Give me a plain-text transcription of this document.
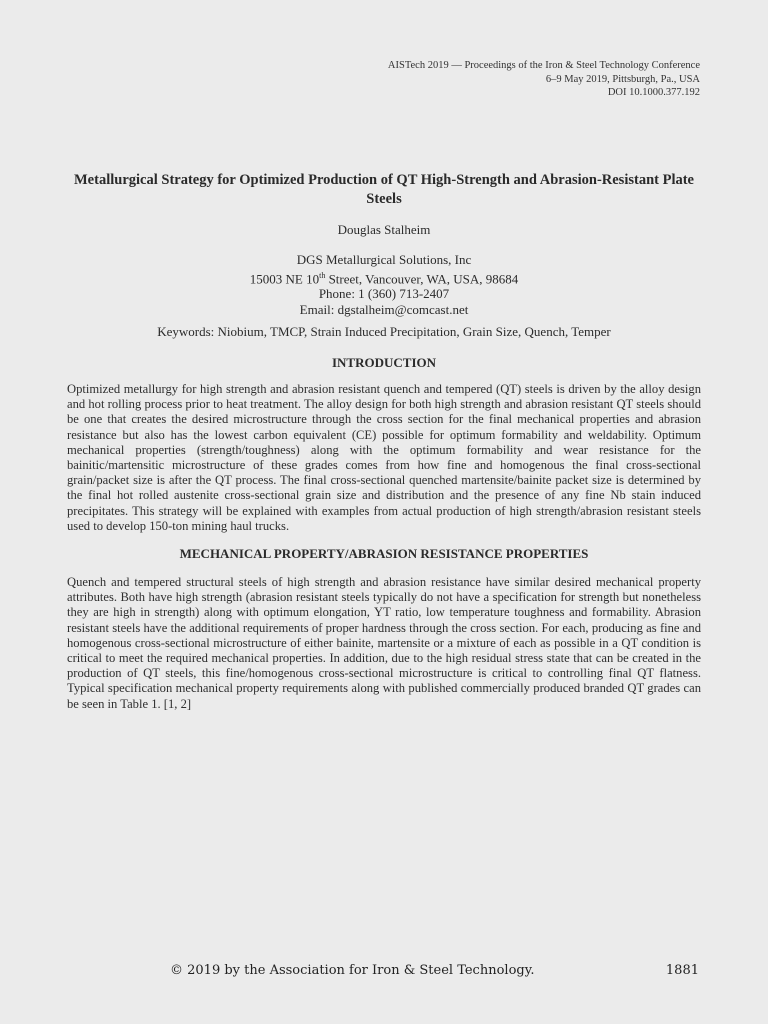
AISTech 2019 — Proceedings of the Iron & Steel Technology Conference
6–9 May 2019, Pittsburgh, Pa., USA
DOI 10.1000.377.192
Metallurgical Strategy for Optimized Production of QT High-Strength and Abrasion-Resistant Plate Steels
Douglas Stalheim
DGS Metallurgical Solutions, Inc
15003 NE 10th Street, Vancouver, WA, USA, 98684
Phone: 1 (360) 713-2407
Email: dgstalheim@comcast.net
Keywords: Niobium, TMCP, Strain Induced Precipitation, Grain Size, Quench, Temper
INTRODUCTION
Optimized metallurgy for high strength and abrasion resistant quench and tempered (QT) steels is driven by the alloy design and hot rolling process prior to heat treatment. The alloy design for both high strength and abrasion resistant QT steels should be one that creates the desired microstructure through the cross section for the final mechanical properties and abrasion resistance but also has the lowest carbon equivalent (CE) possible for optimum formability and weldability. Optimum mechanical properties (strength/toughness) along with the optimum formability and wear resistance for the bainitic/martensitic microstructure of these grades comes from how fine and homogenous the final cross-sectional grain/packet size is after the QT process. The final cross-sectional quenched martensite/bainite packet size is determined by the final hot rolled austenite cross-sectional grain size and distribution and the presence of any fine Nb stain induced precipitates. This strategy will be explained with examples from actual production of high strength/abrasion resistant steels used to develop 150-ton mining haul trucks.
MECHANICAL PROPERTY/ABRASION RESISTANCE PROPERTIES
Quench and tempered structural steels of high strength and abrasion resistance have similar desired mechanical property attributes. Both have high strength (abrasion resistant steels typically do not have a specification for strength but nonetheless they are high in strength) along with optimum elongation, YT ratio, low temperature toughness and formability. Abrasion resistant steels have the additional requirements of proper hardness through the cross section. For each, producing as fine and homogenous cross-sectional microstructure of either bainite, martensite or a mixture of each as possible in a QT condition is critical to meet the required mechanical properties. In addition, due to the high residual stress state that can be created in the production of QT steels, this fine/homogenous cross-sectional microstructure is critical to controlling final QT flatness. Typical specification mechanical property requirements along with published commercially produced branded QT grades can be seen in Table 1. [1, 2]
© 2019 by the Association for Iron & Steel Technology.	1881
